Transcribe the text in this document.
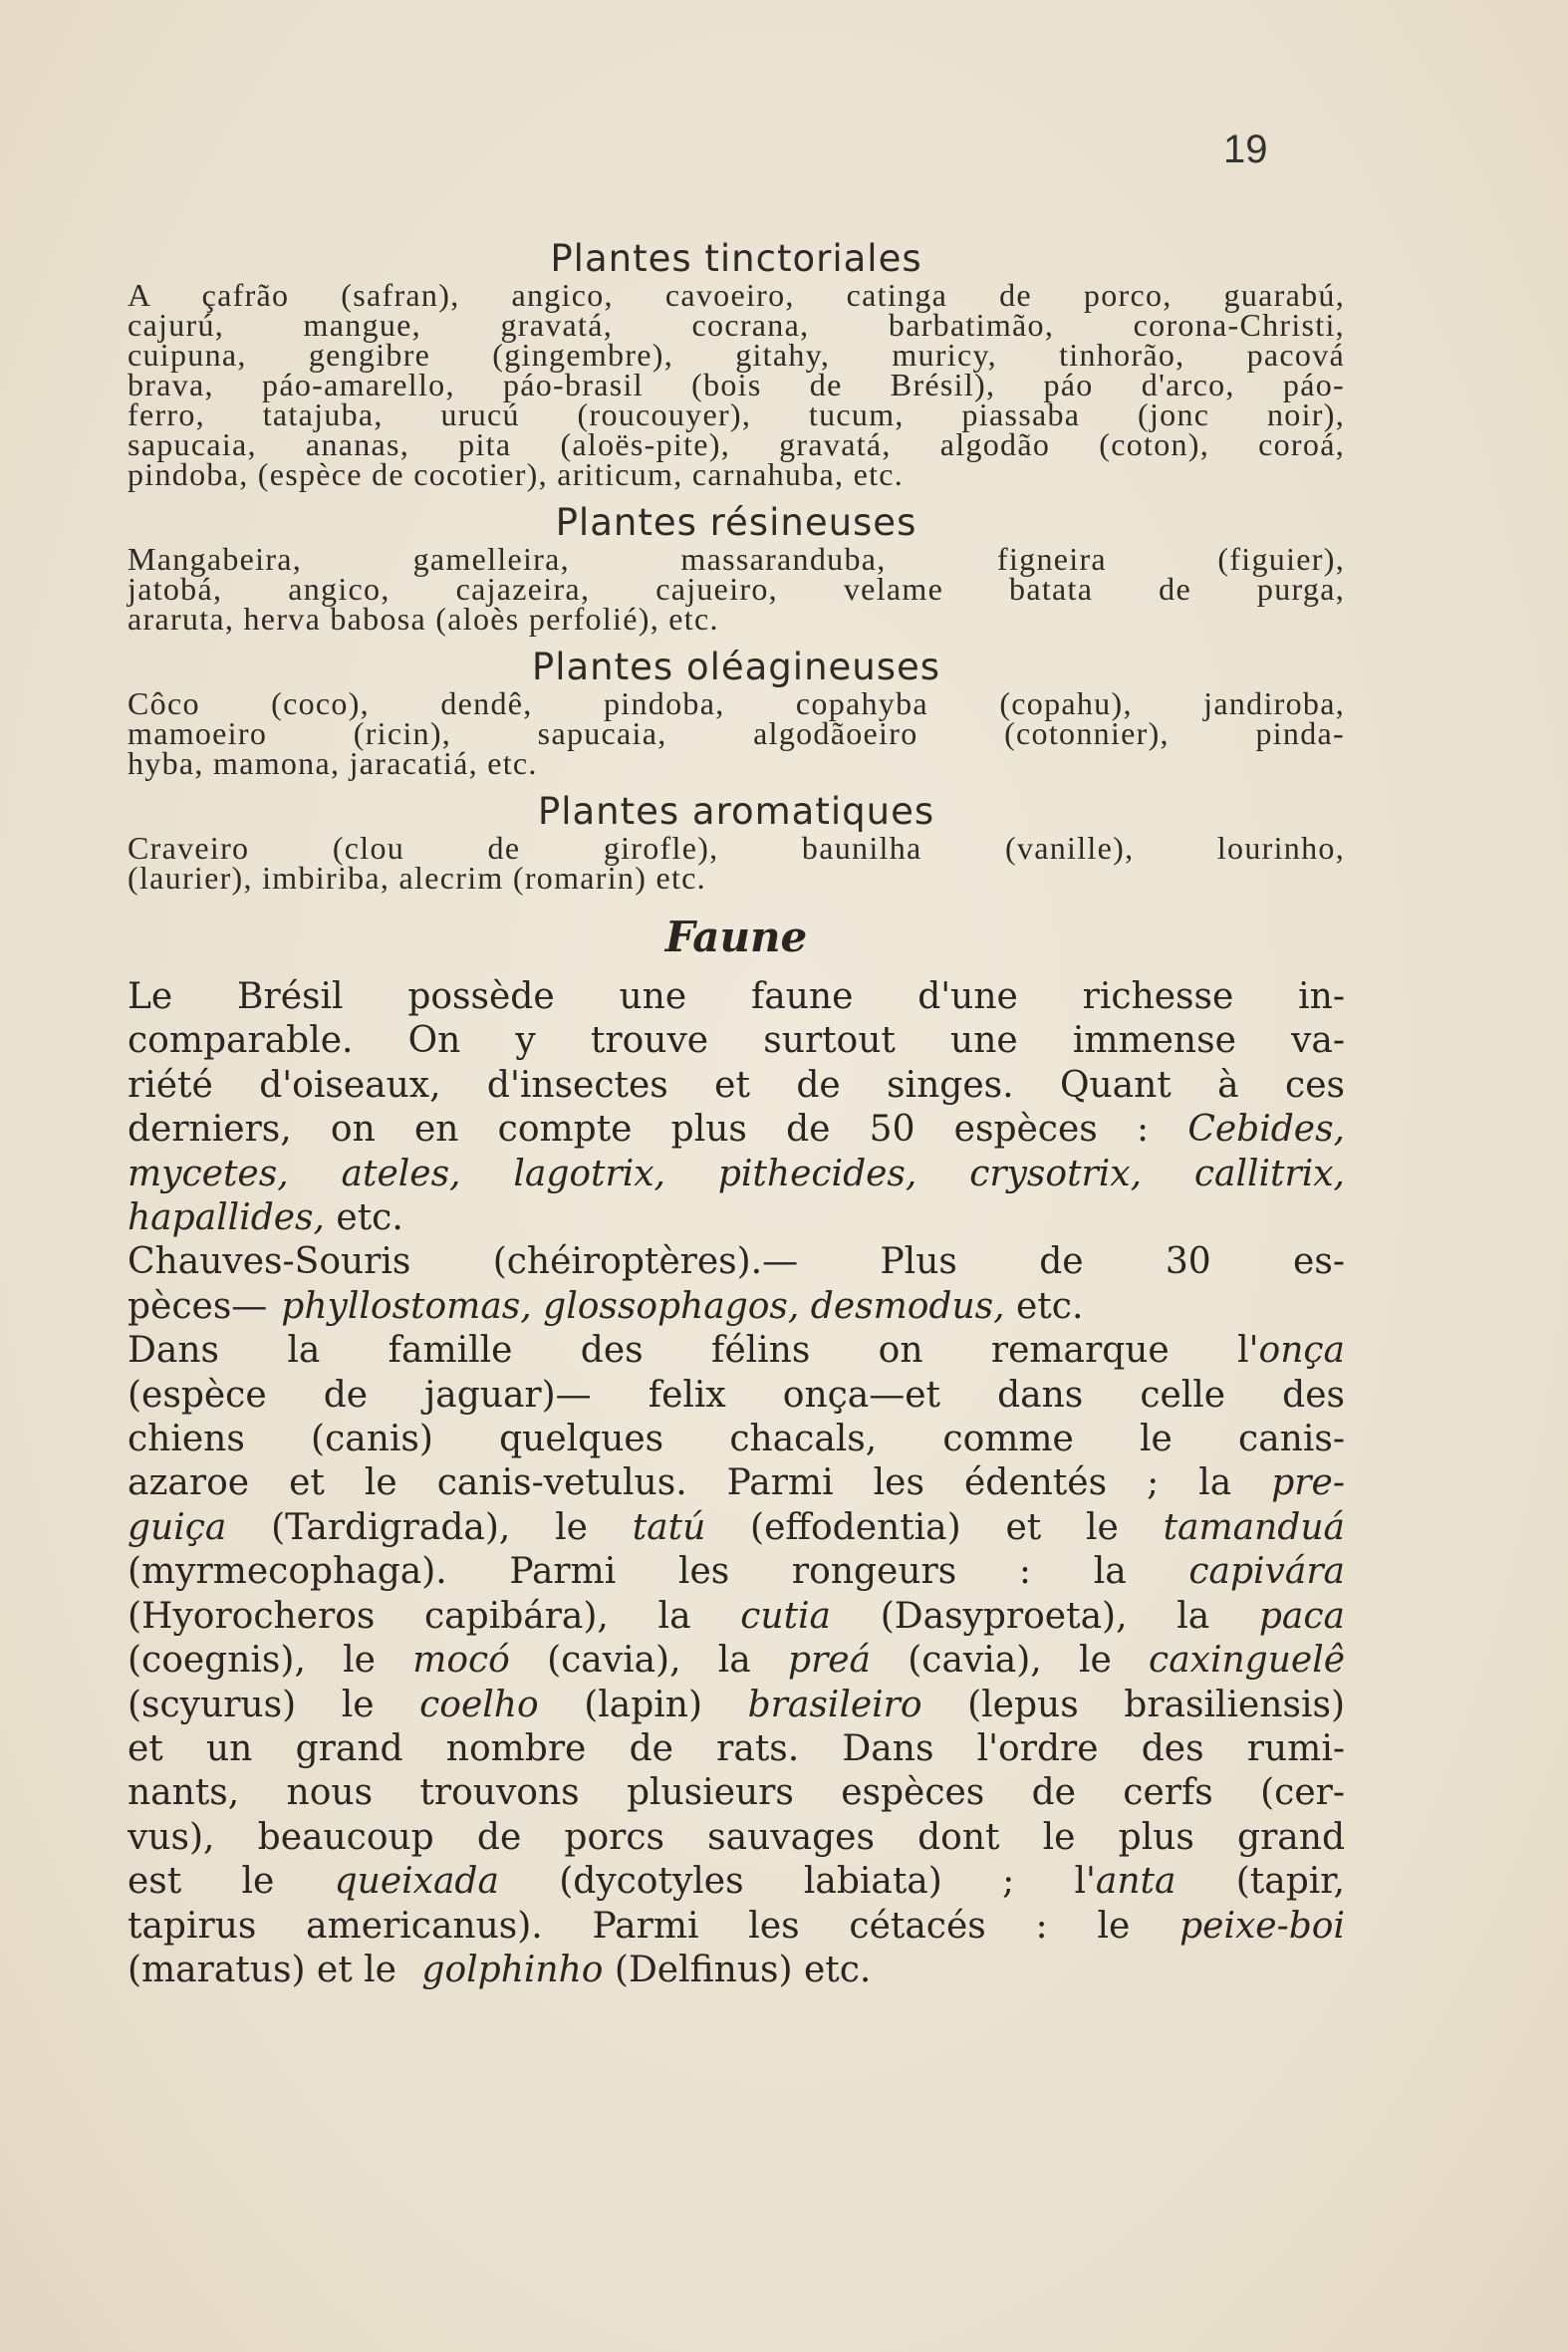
19
Plantes tinctoriales
A çafrão (safran), angico, cavoeiro, catinga de porco, guarabú,
cajurú, mangue, gravatá, cocrana, barbatimão, corona-Christi,
cuipuna, gengibre (gingembre), gitahy, muricy, tinhorão, pacová
brava, páo-amarello, páo-brasil (bois de Brésil), páo d'arco, páo-
ferro, tatajuba, urucú (roucouyer), tucum, piassaba (jonc noir),
sapucaia, ananas, pita (aloës-pite), gravatá, algodão (coton), coroá,
pindoba, (espèce de cocotier), ariticum, carnahuba, etc.
Plantes résineuses
Mangabeira, gamelleira, massaranduba, figneira (figuier),
jatobá, angico, cajazeira, cajueiro, velame batata de purga,
araruta, herva babosa (aloès perfolié), etc.
Plantes oléagineuses
Côco (coco), dendê, pindoba, copahyba (copahu), jandiroba,
mamoeiro (ricin), sapucaia, algodãoeiro (cotonnier), pinda-
hyba, mamona, jaracatiá, etc.
Plantes aromatiques
Craveiro (clou de girofle), baunilha (vanille), lourinho,
(laurier), imbiriba, alecrim (romarin) etc.
Faune
Le Brésil possède une faune d'une richesse in-
comparable. On y trouve surtout une immense va-
riété d'oiseaux, d'insectes et de singes. Quant à ces
derniers, on en compte plus de 50 espèces : Cebides,
mycetes, ateles, lagotrix, pithecides, crysotrix, callitrix,
hapallides, etc.
Chauves-Souris (chéiroptères).— Plus de 30 es-
pèces— phyllostomas, glossophagos, desmodus, etc.
Dans la famille des félins on remarque l'onça
(espèce de jaguar)— felix onça—et dans celle des
chiens (canis) quelques chacals, comme le canis-
azaroe et le canis-vetulus. Parmi les édentés ; la pre-
guiça (Tardigrada), le tatú (effodentia) et le tamanduá
(myrmecophaga). Parmi les rongeurs : la capivára
(Hyorocheros capibára), la cutia (Dasyproeta), la paca
(coegnis), le mocó (cavia), la preá (cavia), le caxinguelê
(scyurus) le coelho (lapin) brasileiro (lepus brasiliensis)
et un grand nombre de rats. Dans l'ordre des rumi-
nants, nous trouvons plusieurs espèces de cerfs (cer-
vus), beaucoup de porcs sauvages dont le plus grand
est le queixada (dycotyles labiata) ; l'anta (tapir,
tapirus americanus). Parmi les cétacés : le peixe-boi
(maratus) et le golphinho (Delfinus) etc.
